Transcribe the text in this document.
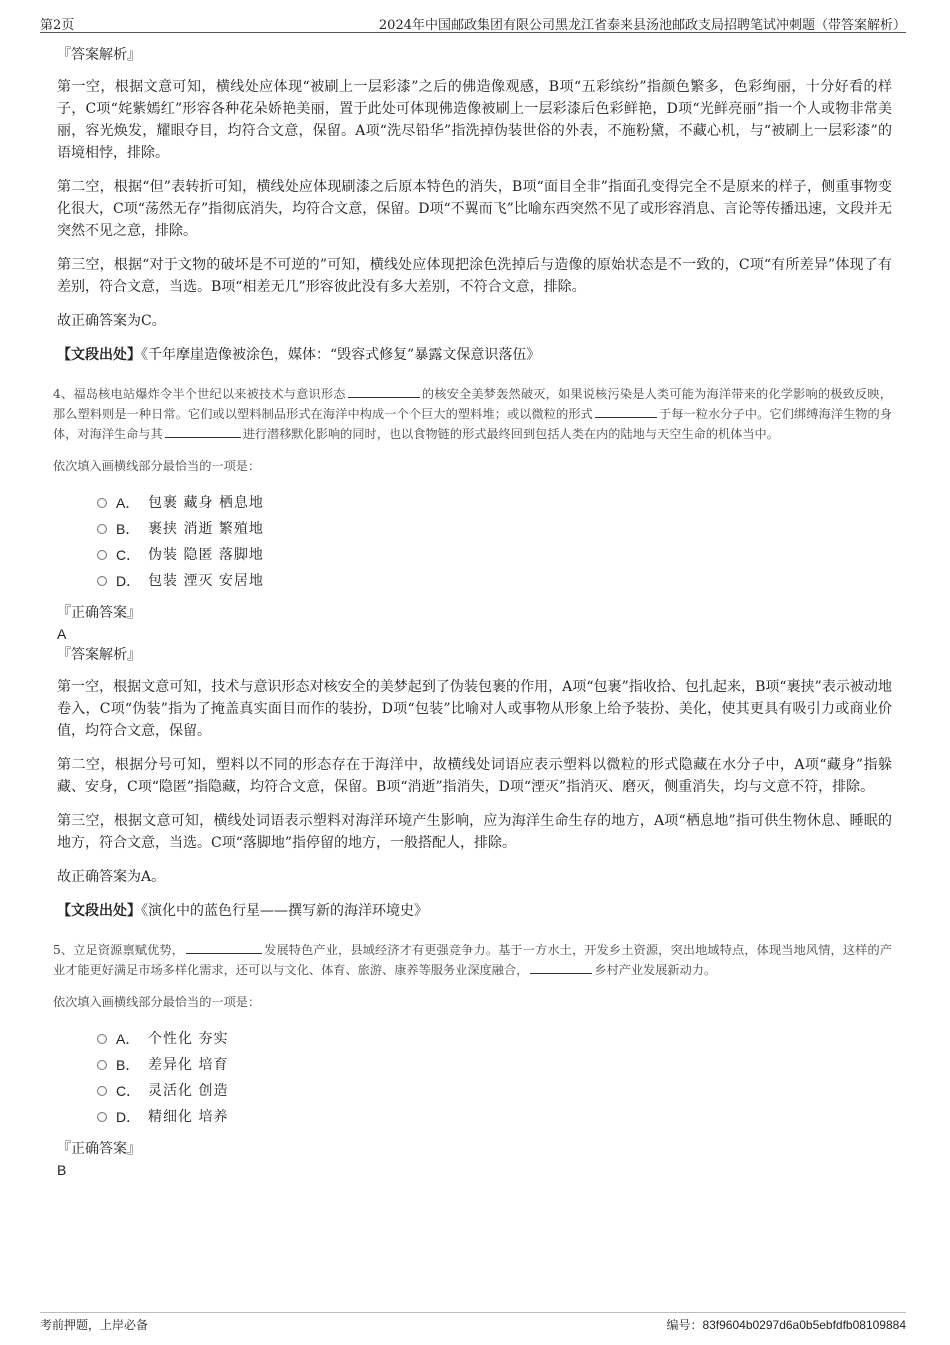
第2页	2024年中国邮政集团有限公司黑龙江省泰来县汤池邮政支局招聘笔试冲刺题（带答案解析）
『答案解析』

第一空，根据文意可知，横线处应体现“被刷上一层彩漆”之后的佛造像观感，B项“五彩缤纷”指颜色繁多，色彩绚丽，十分好看的样子，C项“姹紫嫣红”形容各种花朵娇艳美丽，置于此处可体现佛造像被刷上一层彩漆后色彩鲜艳，D项“光鲜亮丽”指一个人或物非常美丽，容光焕发，耀眼夺目，均符合文意，保留。A项“洗尽铅华”指洗掉伪装世俗的外表，不施粉黛，不藏心机，与“被刷上一层彩漆”的语境相悖，排除。

第二空，根据“但”表转折可知，横线处应体现刷漆之后原本特色的消失，B项“面目全非”指面孔变得完全不是原来的样子，侧重事物变化很大，C项“荡然无存”指彻底消失，均符合文意，保留。D项“不翼而飞”比喻东西突然不见了或形容消息、言论等传播迅速，文段并无突然不见之意，排除。

第三空，根据“对于文物的破坏是不可逆的”可知，横线处应体现把涂色洗掉后与造像的原始状态是不一致的，C项“有所差异”体现了有差别，符合文意，当选。B项“相差无几”形容彼此没有多大差别，不符合文意，排除。

故正确答案为C。

【文段出处】《千年摩崖造像被涂色，媒体：“毁容式修复”暴露文保意识落伍》

4、福岛核电站爆炸令半个世纪以来被技术与意识形态	的核安全美梦轰然破灭，如果说核污染是人类可能为海洋带来的化学影响的极致反映，那么塑料则是一种日常。它们或以塑料制品形式在海洋中构成一个个巨大的塑料堆；或以微粒的形式	于每一粒水分子中。它们绑缚海洋生物的身体，对海洋生命与其	进行潜移默化影响的同时，也以食物链的形式最终回到包括人类在内的陆地与天空生命的机体当中。

依次填入画横线部分最恰当的一项是：

A． 包裹 藏身 栖息地
B． 裹挟 消逝 繁殖地
C． 伪装 隐匿 落脚地
D． 包装 湮灭 安居地
『正确答案』
A
『答案解析』

第一空，根据文意可知，技术与意识形态对核安全的美梦起到了伪装包裹的作用，A项“包裹”指收拾、包扎起来，B项“裹挟”表示被动地卷入，C项“伪装”指为了掩盖真实面目而作的装扮，D项“包装”比喻对人或事物从形象上给予装扮、美化，使其更具有吸引力或商业价值，均符合文意，保留。

第二空，根据分号可知，塑料以不同的形态存在于海洋中，故横线处词语应表示塑料以微粒的形式隐藏在水分子中，A项“藏身”指躲藏、安身，C项“隐匿”指隐藏，均符合文意，保留。B项“消逝”指消失，D项“湮灭”指消灭、磨灭，侧重消失，均与文意不符，排除。

第三空，根据文意可知，横线处词语表示塑料对海洋环境产生影响，应为海洋生命生存的地方，A项“栖息地”指可供生物休息、睡眠的地方，符合文意，当选。C项“落脚地”指停留的地方，一般搭配人，排除。

故正确答案为A。

【文段出处】《演化中的蓝色行星——撰写新的海洋环境史》

5、立足资源禀赋优势，	发展特色产业，县域经济才有更强竞争力。基于一方水土，开发乡土资源，突出地域特点，体现当地风情，这样的产业才能更好满足市场多样化需求，还可以与文化、体育、旅游、康养等服务业深度融合，	乡村产业发展新动力。

依次填入画横线部分最恰当的一项是：

A． 个性化 夯实
B． 差异化 培育
C． 灵活化 创造
D． 精细化 培养
『正确答案』
B
考前押题，上岸必备	编号：83f9604b0297d6a0b5ebfdfb08109884
